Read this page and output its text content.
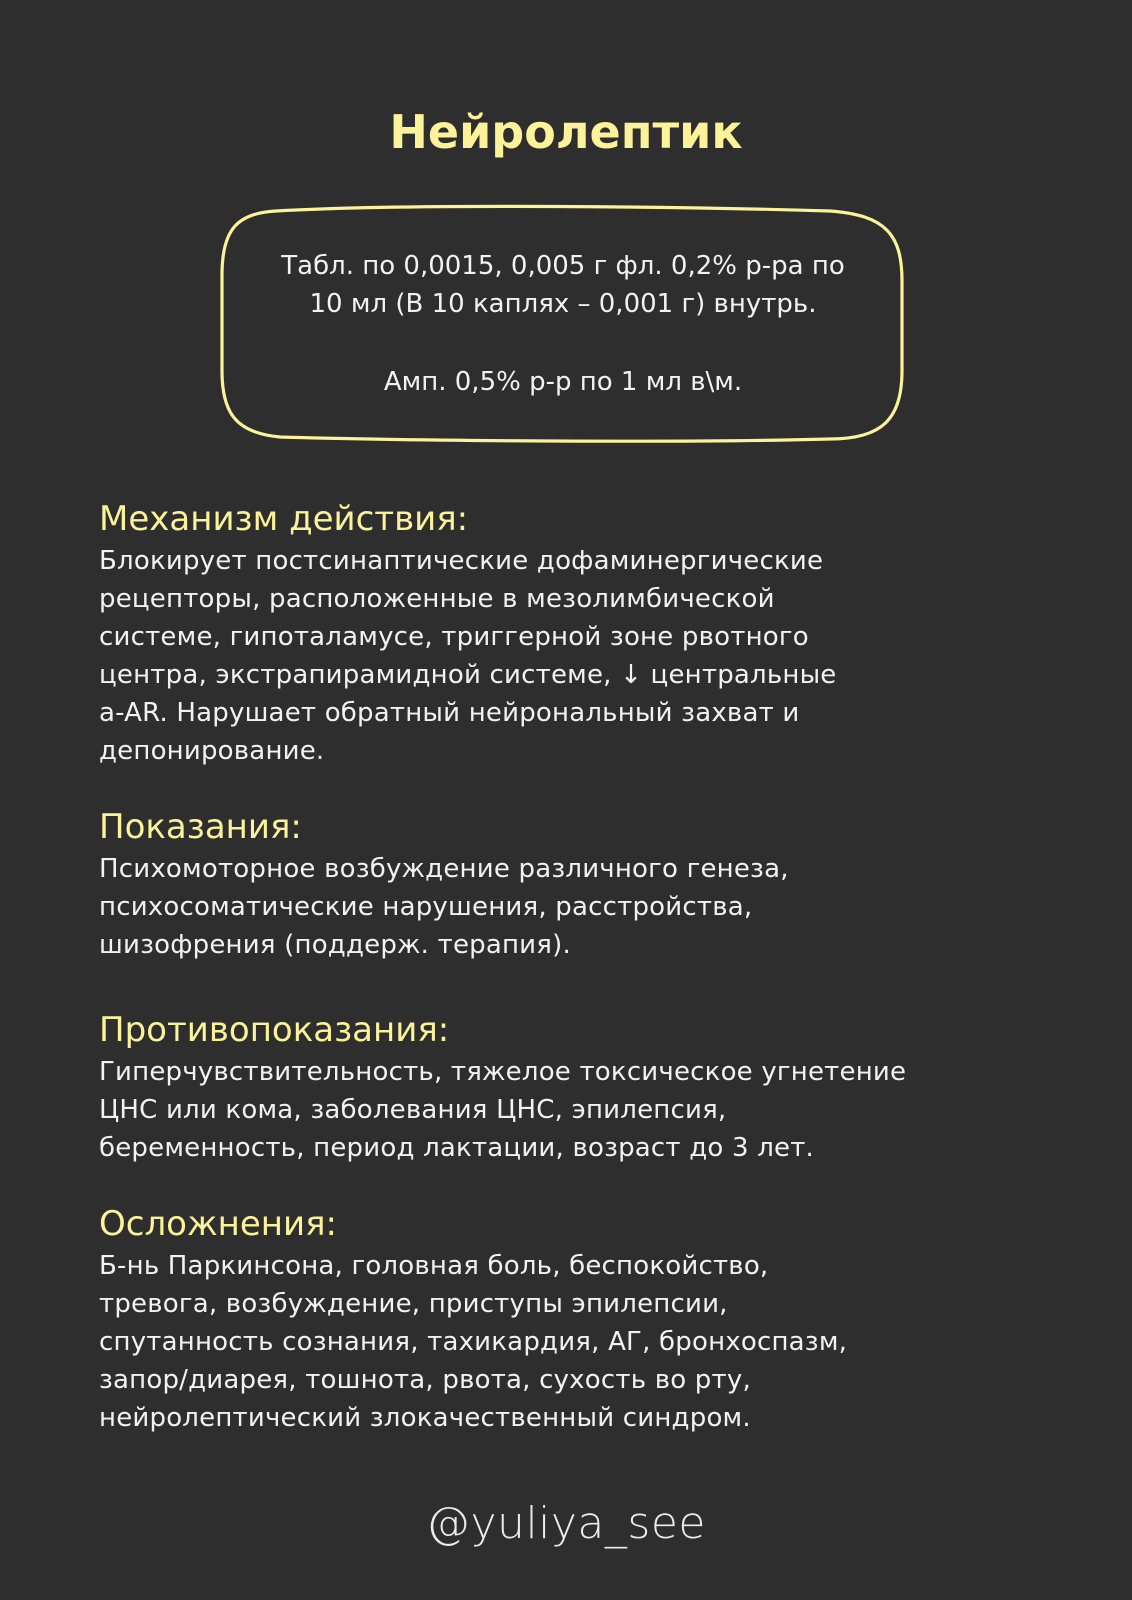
Нейролептик

Табл. по 0,0015, 0,005 г фл. 0,2% р-ра по
10 мл (В 10 каплях – 0,001 г) внутрь.

Амп. 0,5% р-р по 1 мл в\м.

Механизм действия:

Блокирует постсинаптические дофаминергические
рецепторы, расположенные в мезолимбической
системе, гипоталамусе, триггерной зоне рвотного
центра, экстрапирамидной системе, ↓ центральные
a-AR. Нарушает обратный нейрональный захват и
депонирование.

Показания:

Психомоторное возбуждение различного генеза,
психосоматические нарушения, расстройства,
шизофрения (поддерж. терапия).

Противопоказания:

Гиперчувствительность, тяжелое токсическое угнетение
ЦНС или кома, заболевания ЦНС, эпилепсия,
беременность, период лактации, возраст до 3 лет.

Осложнения:

Б-нь Паркинсона, головная боль, беспокойство,
тревога, возбуждение, приступы эпилепсии,
спутанность сознания, тахикардия, АГ, бронхоспазм,
запор/диарея, тошнота, рвота, сухость во рту,
нейролептический злокачественный синдром.

@yuliya_see
